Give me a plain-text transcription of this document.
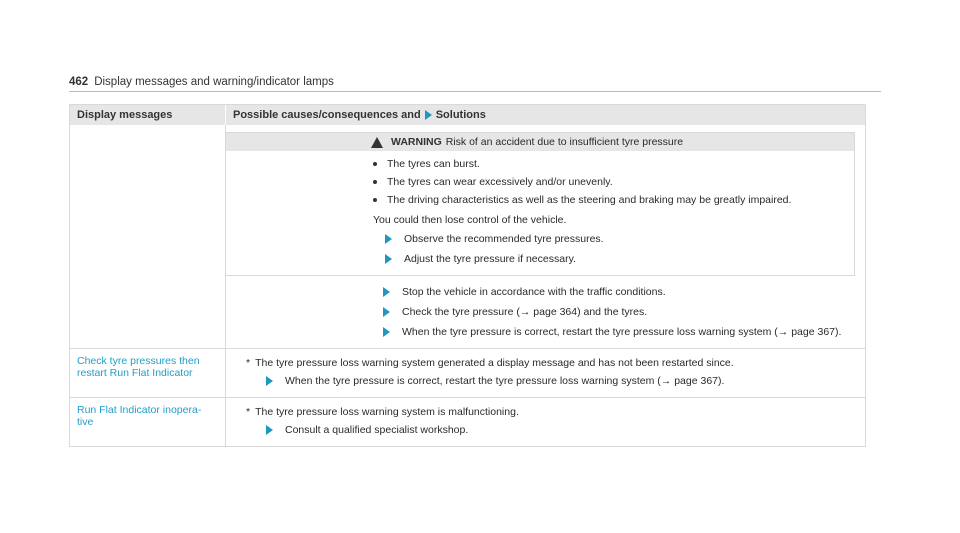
462 Display messages and warning/indicator lamps
Display messages	Possible causes/consequences and Solutions
WARNING Risk of an accident due to insufficient tyre pressure
The tyres can burst.
The tyres can wear excessively and/or unevenly.
The driving characteristics as well as the steering and braking may be greatly impaired.
You could then lose control of the vehicle.
Observe the recommended tyre pressures.
Adjust the tyre pressure if necessary.
Stop the vehicle in accordance with the traffic conditions.
Check the tyre pressure (→ page 364) and the tyres.
When the tyre pressure is correct, restart the tyre pressure loss warning system (→ page 367).
Check tyre pressures then
restart Run Flat Indicator
* The tyre pressure loss warning system generated a display message and has not been restarted since.
When the tyre pressure is correct, restart the tyre pressure loss warning system (→ page 367).
Run Flat Indicator inopera-
tive
* The tyre pressure loss warning system is malfunctioning.
Consult a qualified specialist workshop.
